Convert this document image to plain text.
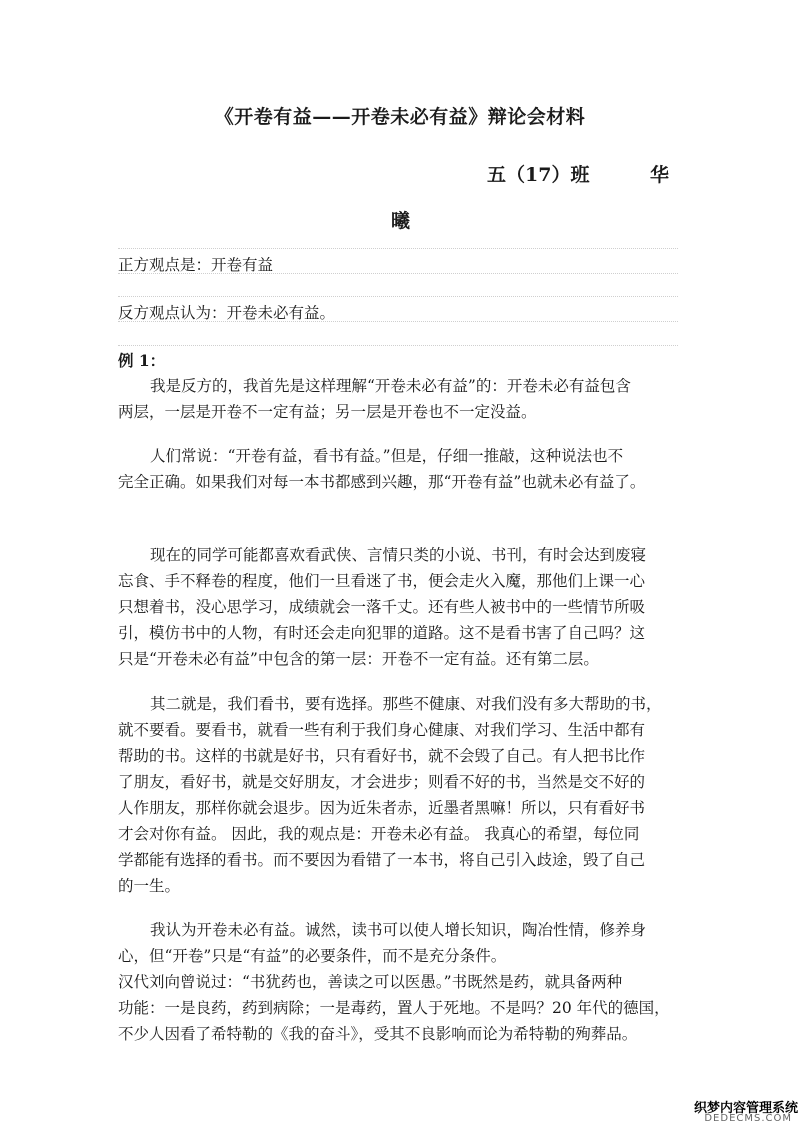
《开卷有益——开卷未必有益》辩论会材料
五（17）班	华
曦
正方观点是：开卷有益
反方观点认为：开卷未必有益。
例 1：
我是反方的，我首先是这样理解“开卷未必有益”的：开卷未必有益包含
两层，一层是开卷不一定有益；另一层是开卷也不一定没益。
人们常说：“开卷有益，看书有益。”但是，仔细一推敲，这种说法也不
完全正确。如果我们对每一本书都感到兴趣，那“开卷有益”也就未必有益了。
现在的同学可能都喜欢看武侠、言情只类的小说、书刊，有时会达到废寝
忘食、手不释卷的程度，他们一旦看迷了书，便会走火入魔，那他们上课一心
只想着书，没心思学习，成绩就会一落千丈。还有些人被书中的一些情节所吸
引，模仿书中的人物，有时还会走向犯罪的道路。这不是看书害了自己吗？这
只是“开卷未必有益”中包含的第一层：开卷不一定有益。还有第二层。
其二就是，我们看书，要有选择。那些不健康、对我们没有多大帮助的书，
就不要看。要看书，就看一些有利于我们身心健康、对我们学习、生活中都有
帮助的书。这样的书就是好书，只有看好书，就不会毁了自己。有人把书比作
了朋友，看好书，就是交好朋友，才会进步；则看不好的书，当然是交不好的
人作朋友，那样你就会退步。因为近朱者赤，近墨者黑嘛！所以，只有看好书
才会对你有益。 因此，我的观点是：开卷未必有益。 我真心的希望，每位同
学都能有选择的看书。而不要因为看错了一本书，将自己引入歧途，毁了自己
的一生。
我认为开卷未必有益。诚然，读书可以使人增长知识，陶冶性情，修养身
心，但“开卷”只是“有益”的必要条件，而不是充分条件。
汉代刘向曾说过：“书犹药也，善读之可以医愚。”书既然是药，就具备两种
功能：一是良药，药到病除；一是毒药，置人于死地。不是吗？20 年代的德国，
不少人因看了希特勒的《我的奋斗》，受其不良影响而论为希特勒的殉葬品。
织梦内容管理系统
DEDECMS.COM
